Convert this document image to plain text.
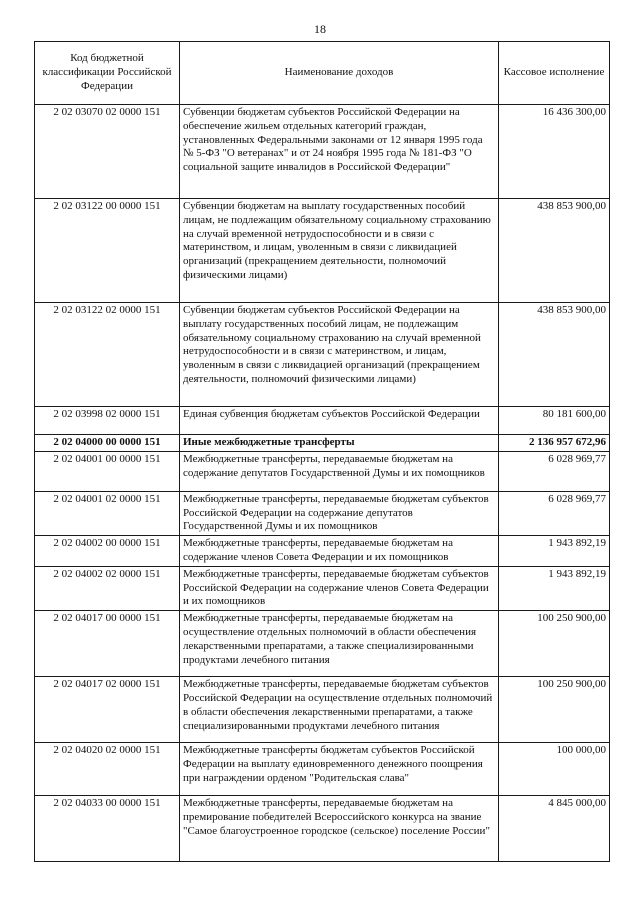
18
Код бюджетной классификации Российской Федерации	Наименование доходов	Кассовое исполнение
2 02 03070 02 0000 151	Субвенции бюджетам субъектов Российской Федерации на обеспечение жильем отдельных категорий граждан, установленных Федеральными законами от 12 января 1995 года № 5-ФЗ "О ветеранах" и от 24 ноября 1995 года № 181-ФЗ "О социальной защите инвалидов в Российской Федерации"	16 436 300,00
2 02 03122 00 0000 151	Субвенции бюджетам на выплату государственных пособий лицам, не подлежащим обязательному социальному страхованию на случай временной нетрудоспособности и в связи с материнством, и лицам, уволенным в связи с ликвидацией организаций (прекращением деятельности, полномочий физическими лицами)	438 853 900,00
2 02 03122 02 0000 151	Субвенции бюджетам субъектов Российской Федерации на выплату государственных пособий лицам, не подлежащим обязательному социальному страхованию на случай временной нетрудоспособности и в связи с материнством, и лицам, уволенным в связи с ликвидацией организаций (прекращением деятельности, полномочий физическими лицами)	438 853 900,00
2 02 03998 02 0000 151	Единая субвенция бюджетам субъектов Российской Федерации	80 181 600,00
2 02 04000 00 0000 151	Иные межбюджетные трансферты	2 136 957 672,96
2 02 04001 00 0000 151	Межбюджетные трансферты, передаваемые бюджетам на содержание депутатов Государственной Думы и их помощников	6 028 969,77
2 02 04001 02 0000 151	Межбюджетные трансферты, передаваемые бюджетам субъектов Российской Федерации на содержание депутатов Государственной Думы и их помощников	6 028 969,77
2 02 04002 00 0000 151	Межбюджетные трансферты, передаваемые бюджетам на содержание членов Совета Федерации и их помощников	1 943 892,19
2 02 04002 02 0000 151	Межбюджетные трансферты, передаваемые бюджетам субъектов Российской Федерации на содержание членов Совета Федерации и их помощников	1 943 892,19
2 02 04017 00 0000 151	Межбюджетные трансферты, передаваемые бюджетам на осуществление отдельных полномочий в области обеспечения лекарственными препаратами, а также специализированными продуктами лечебного питания	100 250 900,00
2 02 04017 02 0000 151	Межбюджетные трансферты, передаваемые бюджетам субъектов Российской Федерации на осуществление отдельных полномочий в области обеспечения лекарственными препаратами, а также специализированными продуктами лечебного питания	100 250 900,00
2 02 04020 02 0000 151	Межбюджетные трансферты бюджетам субъектов Российской Федерации на выплату единовременного денежного поощрения при награждении орденом "Родительская слава"	100 000,00
2 02 04033 00 0000 151	Межбюджетные трансферты, передаваемые бюджетам на премирование победителей Всероссийского конкурса на звание "Самое благоустроенное городское (сельское) поселение России"	4 845 000,00
